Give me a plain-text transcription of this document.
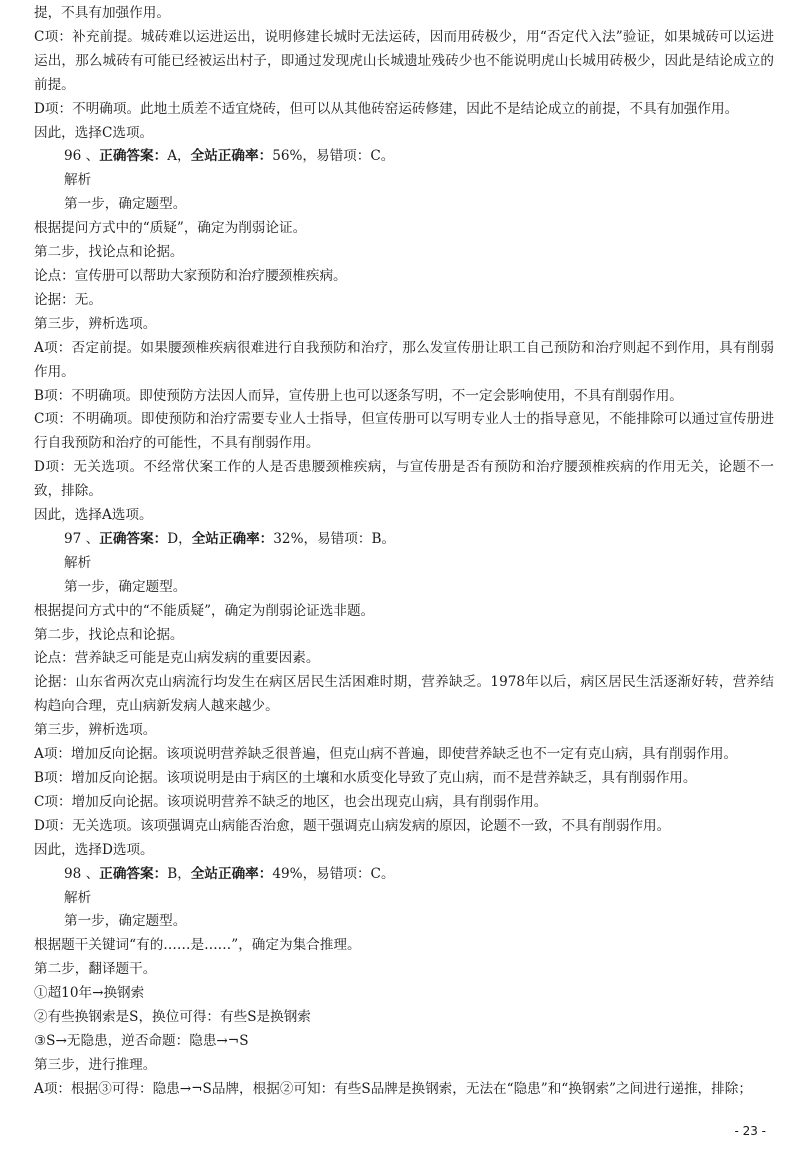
提，不具有加强作用。
C项：补充前提。城砖难以运进运出，说明修建长城时无法运砖，因而用砖极少，用“否定代入法”验证，如果城砖可以运进运出，那么城砖有可能已经被运出村子，即通过发现虎山长城遗址残砖少也不能说明虎山长城用砖极少，因此是结论成立的前提。
D项：不明确项。此地土质差不适宜烧砖，但可以从其他砖窑运砖修建，因此不是结论成立的前提，不具有加强作用。
因此，选择C选项。
96 、正确答案：A，全站正确率：56%，易错项：C。
解析
第一步，确定题型。
根据提问方式中的“质疑”，确定为削弱论证。
第二步，找论点和论据。
论点：宣传册可以帮助大家预防和治疗腰颈椎疾病。
论据：无。
第三步，辨析选项。
A项：否定前提。如果腰颈椎疾病很难进行自我预防和治疗，那么发宣传册让职工自己预防和治疗则起不到作用，具有削弱作用。
B项：不明确项。即使预防方法因人而异，宣传册上也可以逐条写明，不一定会影响使用，不具有削弱作用。
C项：不明确项。即使预防和治疗需要专业人士指导，但宣传册可以写明专业人士的指导意见，不能排除可以通过宣传册进行自我预防和治疗的可能性，不具有削弱作用。
D项：无关选项。不经常伏案工作的人是否患腰颈椎疾病，与宣传册是否有预防和治疗腰颈椎疾病的作用无关，论题不一致，排除。
因此，选择A选项。
97 、正确答案：D，全站正确率：32%，易错项：B。
解析
第一步，确定题型。
根据提问方式中的“不能质疑”，确定为削弱论证选非题。
第二步，找论点和论据。
论点：营养缺乏可能是克山病发病的重要因素。
论据：山东省两次克山病流行均发生在病区居民生活困难时期，营养缺乏。1978年以后，病区居民生活逐渐好转，营养结构趋向合理，克山病新发病人越来越少。
第三步，辨析选项。
A项：增加反向论据。该项说明营养缺乏很普遍，但克山病不普遍，即使营养缺乏也不一定有克山病，具有削弱作用。
B项：增加反向论据。该项说明是由于病区的土壤和水质变化导致了克山病，而不是营养缺乏，具有削弱作用。
C项：增加反向论据。该项说明营养不缺乏的地区，也会出现克山病，具有削弱作用。
D项：无关选项。该项强调克山病能否治愈，题干强调克山病发病的原因，论题不一致，不具有削弱作用。
因此，选择D选项。
98 、正确答案：B，全站正确率：49%，易错项：C。
解析
第一步，确定题型。
根据题干关键词“有的……是……”，确定为集合推理。
第二步，翻译题干。
①超10年→换钢索
②有些换钢索是S，换位可得：有些S是换钢索
③S→无隐患，逆否命题：隐患→¬S
第三步，进行推理。
A项：根据③可得：隐患→¬S品牌，根据②可知：有些S品牌是换钢索，无法在“隐患”和“换钢索”之间进行递推，排除；
- 23 -
